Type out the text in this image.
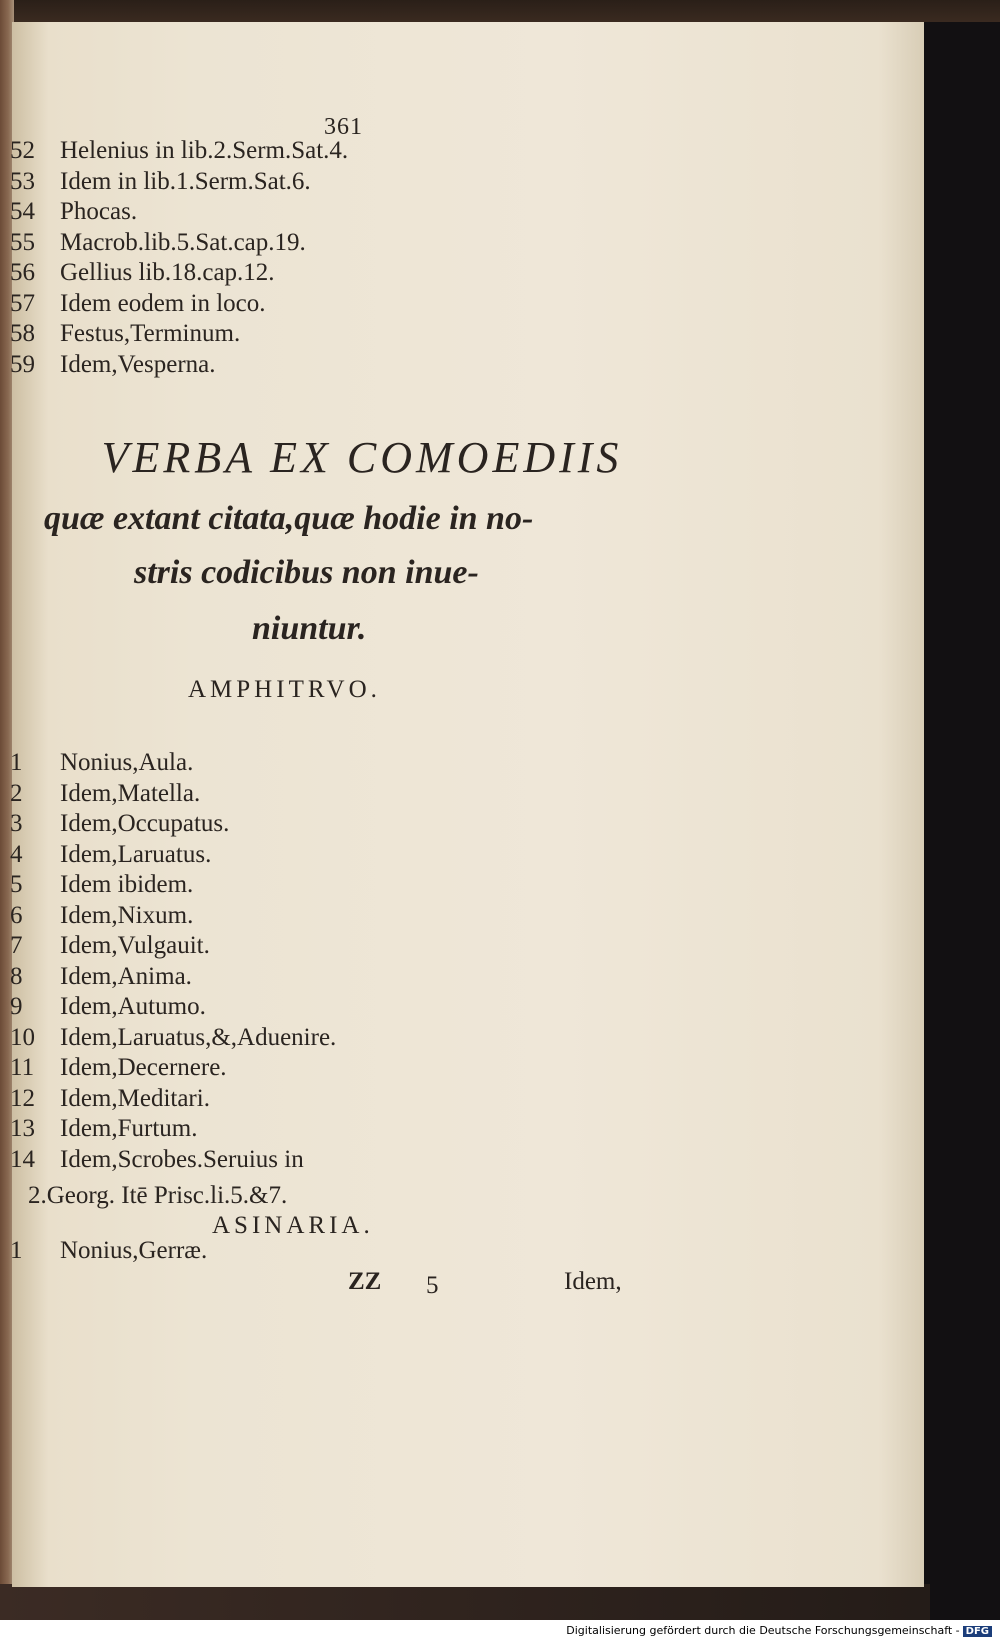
361
52	Helenius in lib.2.Serm.Sat.4.
53	Idem in lib.1.Serm.Sat.6.
54	Phocas.
55	Macrob.lib.5.Sat.cap.19.
56	Gellius lib.18.cap.12.
57	Idem eodem in loco.
58	Festus,Terminum.
59	Idem,Vesperna.
VERBA EX COMOEDIIS
quæ extant citata,quæ hodie in no-
stris codicibus non inue-
niuntur.
AMPHITRVO.
1	Nonius,Aula.
2	Idem,Matella.
3	Idem,Occupatus.
4	Idem,Laruatus.
5	Idem ibidem.
6	Idem,Nixum.
7	Idem,Vulgauit.
8	Idem,Anima.
9	Idem,Autumo.
10	Idem,Laruatus,&,Aduenire.
11	Idem,Decernere.
12	Idem,Meditari.
13	Idem,Furtum.
14	Idem,Scrobes.Seruius in
2.Georg. Itē Prisc.li.5.&7.
ASINARIA.
1	Nonius,Gerræ.
ZZ 5	Idem,
Digitalisierung gefördert durch die Deutsche Forschungsgemeinschaft - DFG
